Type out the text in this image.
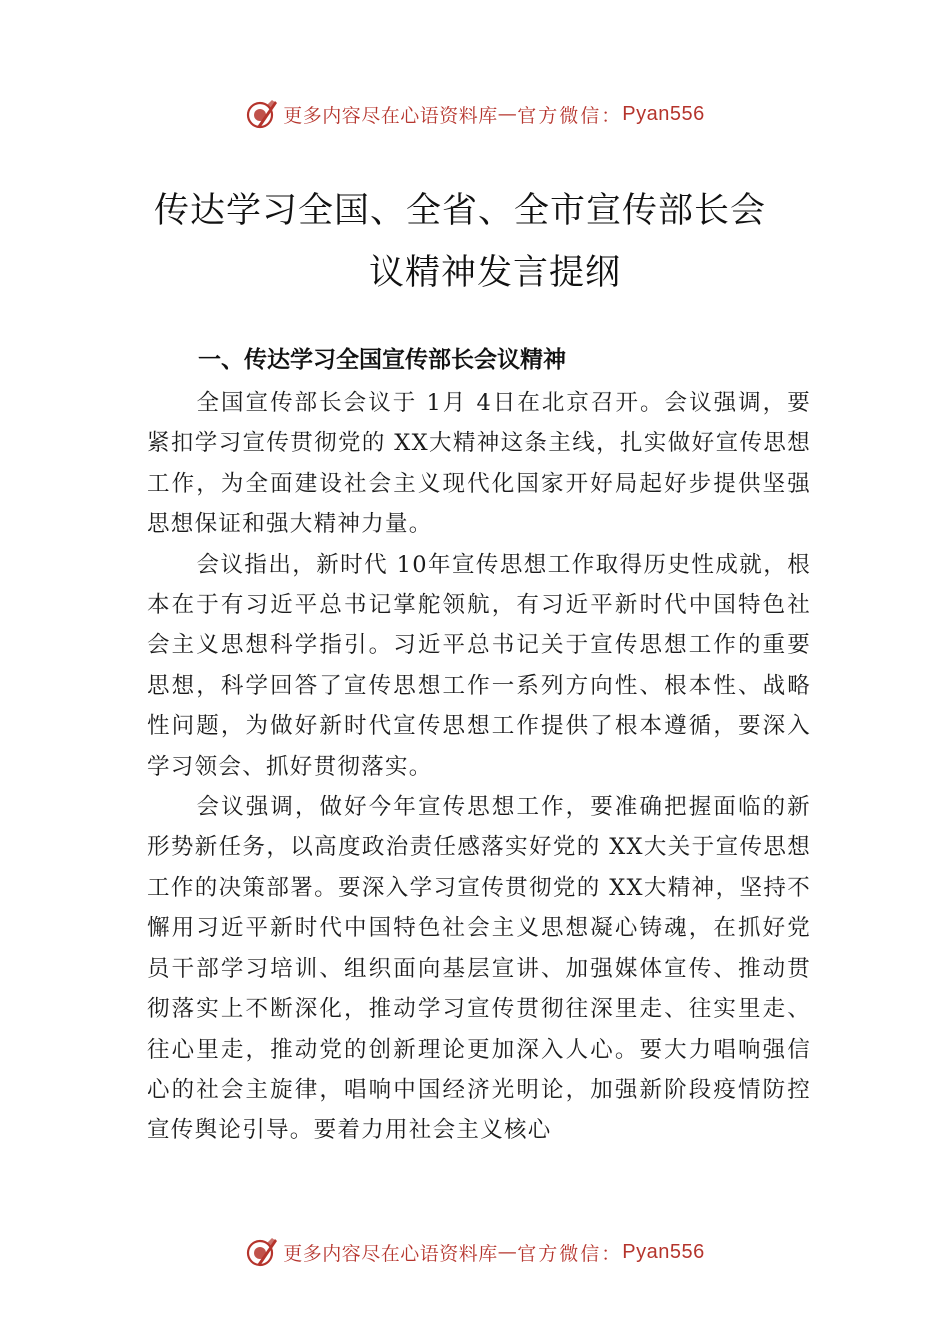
更多内容尽在心语资料库 — 官方微信： Pyan556
传达学习全国、全省、全市宣传部长会
议精神发言提纲
一、传达学习全国宣传部长会议精神

全国宣传部长会议于 1月 4日在北京召开。会议强调，要紧扣学习宣传贯彻党的 XX大精神这条主线，扎实做好宣传思想工作，为全面建设社会主义现代化国家开好局起好步提供坚强思想保证和强大精神力量。

会议指出，新时代 10年宣传思想工作取得历史性成就，根本在于有习近平总书记掌舵领航，有习近平新时代中国特色社会主义思想科学指引。习近平总书记关于宣传思想工作的重要思想，科学回答了宣传思想工作一系列方向性、根本性、战略性问题，为做好新时代宣传思想工作提供了根本遵循，要深入学习领会、抓好贯彻落实。

会议强调，做好今年宣传思想工作，要准确把握面临的新形势新任务，以高度政治责任感落实好党的 XX大关于宣传思想工作的决策部署。要深入学习宣传贯彻党的 XX大精神，坚持不懈用习近平新时代中国特色社会主义思想凝心铸魂，在抓好党员干部学习培训、组织面向基层宣讲、加强媒体宣传、推动贯彻落实上不断深化，推动学习宣传贯彻往深里走、往实里走、往心里走，推动党的创新理论更加深入人心。要大力唱响强信心的社会主旋律，唱响中国经济光明论，加强新阶段疫情防控宣传舆论引导。要着力用社会主义核心

更多内容尽在心语资料库 — 官方微信： Pyan556
